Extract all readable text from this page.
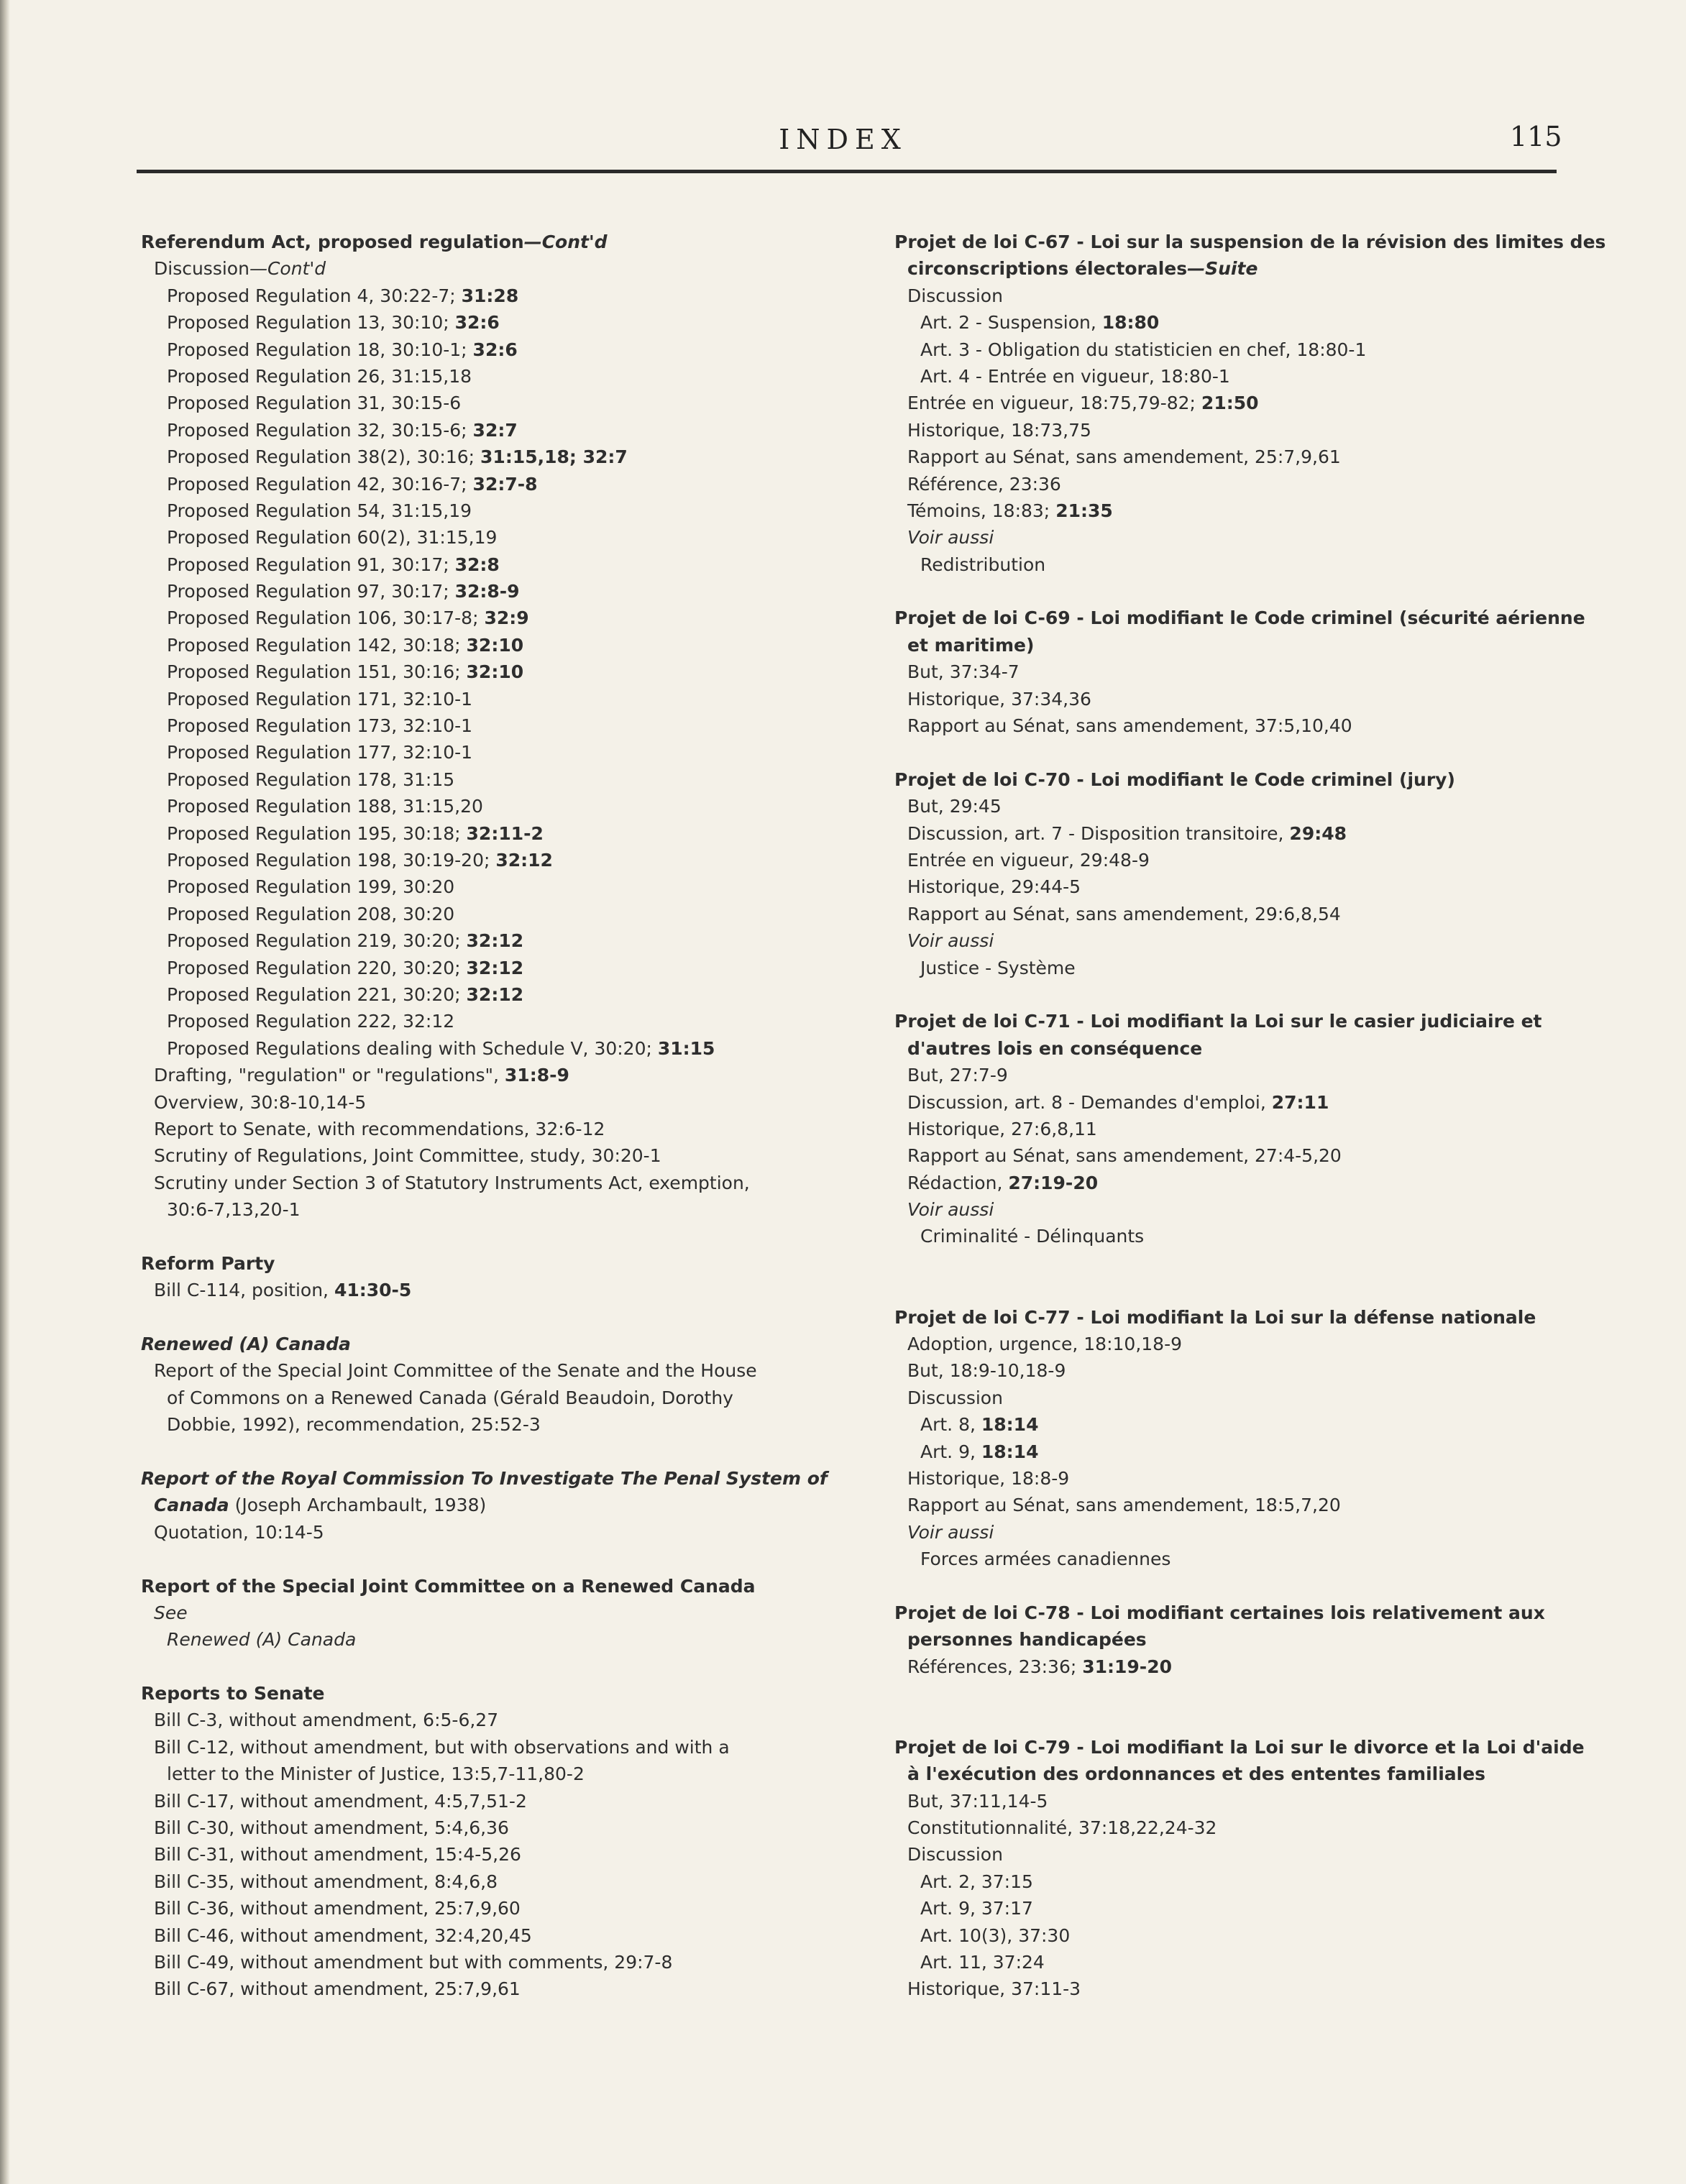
INDEX	115
Referendum Act, proposed regulation—Cont'd
Discussion—Cont'd
Proposed Regulation 4, 30:22-7; 31:28
Proposed Regulation 13, 30:10; 32:6
Proposed Regulation 18, 30:10-1; 32:6
Proposed Regulation 26, 31:15,18
Proposed Regulation 31, 30:15-6
Proposed Regulation 32, 30:15-6; 32:7
Proposed Regulation 38(2), 30:16; 31:15,18; 32:7
Proposed Regulation 42, 30:16-7; 32:7-8
Proposed Regulation 54, 31:15,19
Proposed Regulation 60(2), 31:15,19
Proposed Regulation 91, 30:17; 32:8
Proposed Regulation 97, 30:17; 32:8-9
Proposed Regulation 106, 30:17-8; 32:9
Proposed Regulation 142, 30:18; 32:10
Proposed Regulation 151, 30:16; 32:10
Proposed Regulation 171, 32:10-1
Proposed Regulation 173, 32:10-1
Proposed Regulation 177, 32:10-1
Proposed Regulation 178, 31:15
Proposed Regulation 188, 31:15,20
Proposed Regulation 195, 30:18; 32:11-2
Proposed Regulation 198, 30:19-20; 32:12
Proposed Regulation 199, 30:20
Proposed Regulation 208, 30:20
Proposed Regulation 219, 30:20; 32:12
Proposed Regulation 220, 30:20; 32:12
Proposed Regulation 221, 30:20; 32:12
Proposed Regulation 222, 32:12
Proposed Regulations dealing with Schedule V, 30:20; 31:15
Drafting, "regulation" or "regulations", 31:8-9
Overview, 30:8-10,14-5
Report to Senate, with recommendations, 32:6-12
Scrutiny of Regulations, Joint Committee, study, 30:20-1
Scrutiny under Section 3 of Statutory Instruments Act, exemption,
30:6-7,13,20-1
Reform Party
Bill C-114, position, 41:30-5
Renewed (A) Canada
Report of the Special Joint Committee of the Senate and the House
of Commons on a Renewed Canada (Gérald Beaudoin, Dorothy
Dobbie, 1992), recommendation, 25:52-3
Report of the Royal Commission To Investigate The Penal System of
Canada (Joseph Archambault, 1938)
Quotation, 10:14-5
Report of the Special Joint Committee on a Renewed Canada
See
Renewed (A) Canada
Reports to Senate
Bill C-3, without amendment, 6:5-6,27
Bill C-12, without amendment, but with observations and with a
letter to the Minister of Justice, 13:5,7-11,80-2
Bill C-17, without amendment, 4:5,7,51-2
Bill C-30, without amendment, 5:4,6,36
Bill C-31, without amendment, 15:4-5,26
Bill C-35, without amendment, 8:4,6,8
Bill C-36, without amendment, 25:7,9,60
Bill C-46, without amendment, 32:4,20,45
Bill C-49, without amendment but with comments, 29:7-8
Bill C-67, without amendment, 25:7,9,61
Projet de loi C-67 - Loi sur la suspension de la révision des limites des
circonscriptions électorales—Suite
Discussion
Art. 2 - Suspension, 18:80
Art. 3 - Obligation du statisticien en chef, 18:80-1
Art. 4 - Entrée en vigueur, 18:80-1
Entrée en vigueur, 18:75,79-82; 21:50
Historique, 18:73,75
Rapport au Sénat, sans amendement, 25:7,9,61
Référence, 23:36
Témoins, 18:83; 21:35
Voir aussi
Redistribution
Projet de loi C-69 - Loi modifiant le Code criminel (sécurité aérienne
et maritime)
But, 37:34-7
Historique, 37:34,36
Rapport au Sénat, sans amendement, 37:5,10,40
Projet de loi C-70 - Loi modifiant le Code criminel (jury)
But, 29:45
Discussion, art. 7 - Disposition transitoire, 29:48
Entrée en vigueur, 29:48-9
Historique, 29:44-5
Rapport au Sénat, sans amendement, 29:6,8,54
Voir aussi
Justice - Système
Projet de loi C-71 - Loi modifiant la Loi sur le casier judiciaire et
d'autres lois en conséquence
But, 27:7-9
Discussion, art. 8 - Demandes d'emploi, 27:11
Historique, 27:6,8,11
Rapport au Sénat, sans amendement, 27:4-5,20
Rédaction, 27:19-20
Voir aussi
Criminalité - Délinquants
Projet de loi C-77 - Loi modifiant la Loi sur la défense nationale
Adoption, urgence, 18:10,18-9
But, 18:9-10,18-9
Discussion
Art. 8, 18:14
Art. 9, 18:14
Historique, 18:8-9
Rapport au Sénat, sans amendement, 18:5,7,20
Voir aussi
Forces armées canadiennes
Projet de loi C-78 - Loi modifiant certaines lois relativement aux
personnes handicapées
Références, 23:36; 31:19-20
Projet de loi C-79 - Loi modifiant la Loi sur le divorce et la Loi d'aide
à l'exécution des ordonnances et des ententes familiales
But, 37:11,14-5
Constitutionnalité, 37:18,22,24-32
Discussion
Art. 2, 37:15
Art. 9, 37:17
Art. 10(3), 37:30
Art. 11, 37:24
Historique, 37:11-3
